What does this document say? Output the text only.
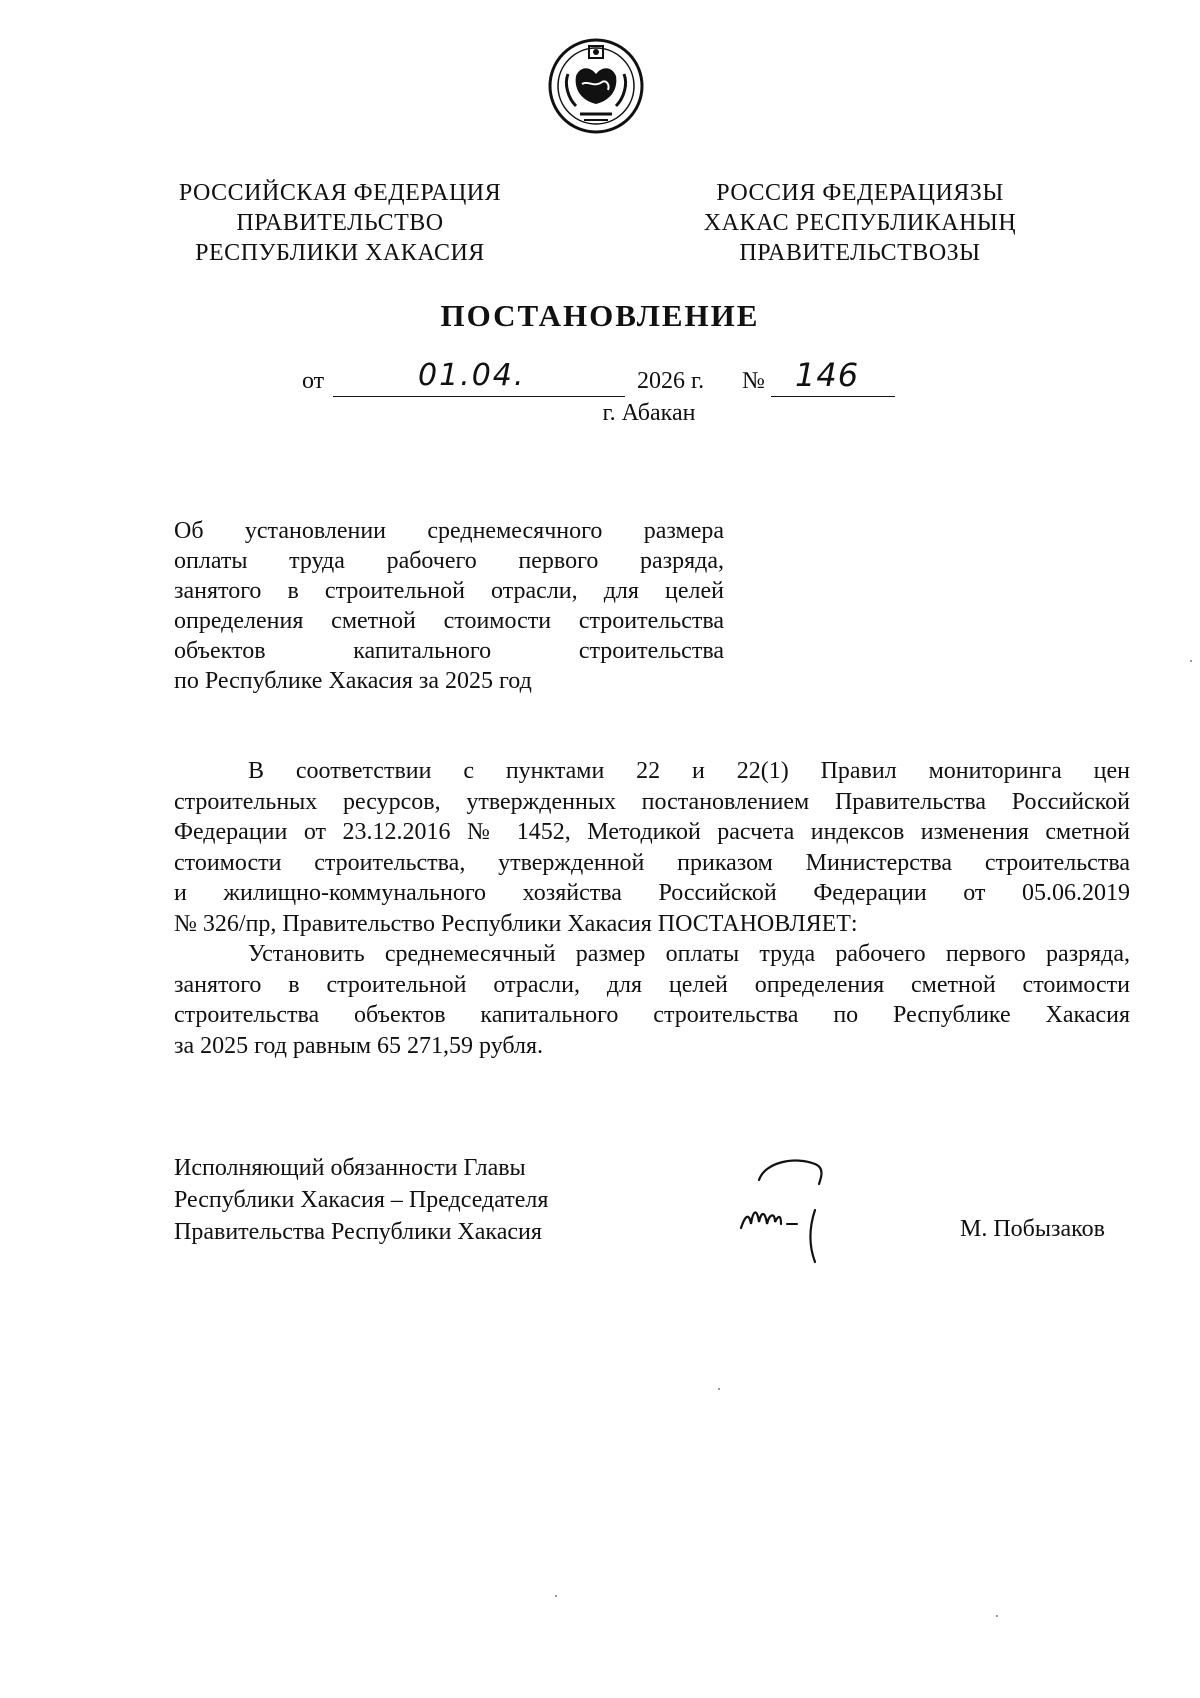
РОССИЙСКАЯ ФЕДЕРАЦИЯ
ПРАВИТЕЛЬСТВО
РЕСПУБЛИКИ ХАКАСИЯ
РОССИЯ ФЕДЕРАЦИЯЗЫ
ХАКАС РЕСПУБЛИКАНЫҢ
ПРАВИТЕЛЬСТВОЗЫ
ПОСТАНОВЛЕНИЕ
от	01.04.	2026 г. № 146
г. Абакан
Об установлении среднемесячного размера
оплаты труда рабочего первого разряда,
занятого в строительной отрасли, для целей
определения сметной стоимости строительства
объектов капитального строительства
по Республике Хакасия за 2025 год
В соответствии с пунктами 22 и 22(1) Правил мониторинга цен
строительных ресурсов, утвержденных постановлением Правительства Российской
Федерации от 23.12.2016 № 1452, Методикой расчета индексов изменения сметной
стоимости строительства, утвержденной приказом Министерства строительства
и жилищно-коммунального хозяйства Российской Федерации от 05.06.2019
№ 326/пр, Правительство Республики Хакасия ПОСТАНОВЛЯЕТ:
Установить среднемесячный размер оплаты труда рабочего первого разряда,
занятого в строительной отрасли, для целей определения сметной стоимости
строительства объектов капитального строительства по Республике Хакасия
за 2025 год равным 65 271,59 рубля.
Исполняющий обязанности Главы
Республики Хакасия – Председателя
Правительства Республики Хакасия	М. Побызаков
